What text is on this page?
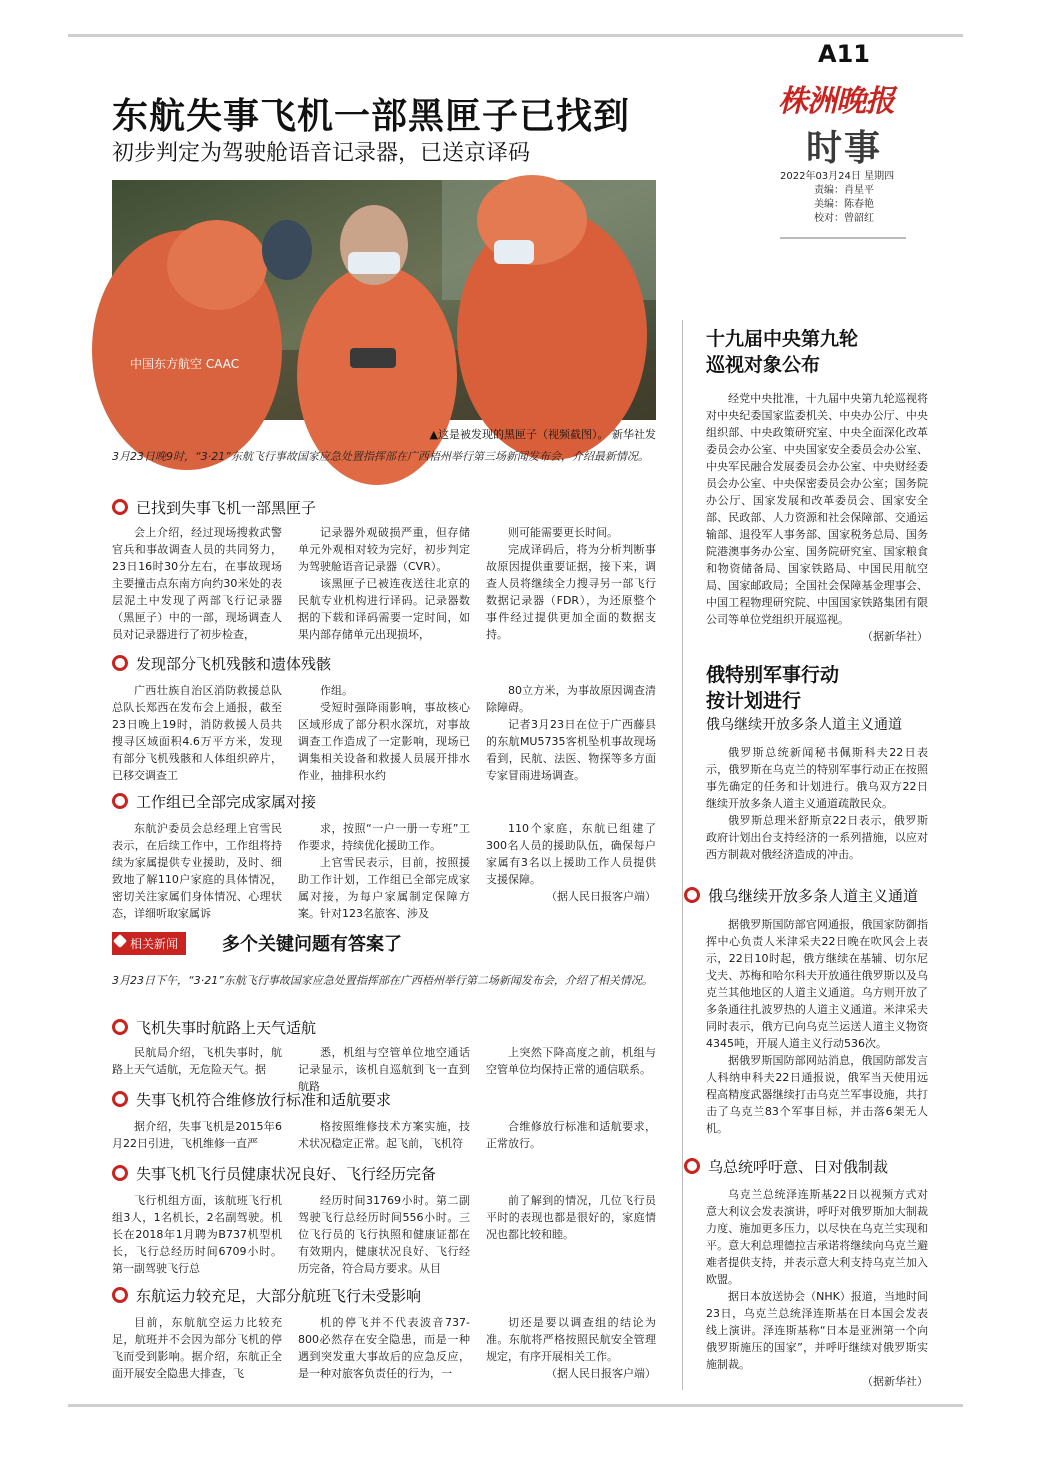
A11
株洲晚报
时事
2022年03月24日 星期四
责编：肖星平
美编：陈春艳
校对：曾韶红
东航失事飞机一部黑匣子已找到
初步判定为驾驶舱语音记录器，已送京译码
中国东方航空 CAAC
▲这是被发现的黑匣子（视频截图）。 新华社发
3月23日晚9时，“3·21”东航飞行事故国家应急处置指挥部在广西梧州举行第三场新闻发布会，介绍最新情况。
已找到失事飞机一部黑匣子

会上介绍，经过现场搜救武警官兵和事故调查人员的共同努力，23日16时30分左右，在事故现场主要撞击点东南方向约30米处的表层泥土中发现了两部飞行记录器（黑匣子）中的一部，现场调查人员对记录器进行了初步检查，

记录器外观破损严重，但存储单元外观相对较为完好，初步判定为驾驶舱语音记录器（CVR）。

该黑匣子已被连夜送往北京的民航专业机构进行译码。记录器数据的下载和译码需要一定时间，如果内部存储单元出现损坏，

则可能需要更长时间。

完成译码后，将为分析判断事故原因提供重要证据，接下来，调查人员将继续全力搜寻另一部飞行数据记录器（FDR），为还原整个事件经过提供更加全面的数据支持。

发现部分飞机残骸和遗体残骸

广西壮族自治区消防救援总队总队长郑西在发布会上通报，截至23日晚上19时，消防救援人员共搜寻区域面积4.6万平方米，发现有部分飞机残骸和人体组织碎片，已移交调查工

作组。

受短时强降雨影响，事故核心区域形成了部分积水深坑，对事故调查工作造成了一定影响，现场已调集相关设备和救援人员展开排水作业，抽排积水约

80立方米，为事故原因调查清除障碍。

记者3月23日在位于广西藤县的东航MU5735客机坠机事故现场看到，民航、法医、物探等多方面专家冒雨进场调查。

工作组已全部完成家属对接

东航沪委员会总经理上官雪民表示，在后续工作中，工作组将持续为家属提供专业援助，及时、细致地了解110户家庭的具体情况，密切关注家属们身体情况、心理状态，详细听取家属诉

求，按照“一户一册一专班”工作要求，持续优化援助工作。

上官雪民表示，目前，按照援助工作计划，工作组已全部完成家属对接，为每户家属制定保障方案。针对123名旅客、涉及

110个家庭，东航已组建了300名人员的援助队伍，确保每户家属有3名以上援助工作人员提供支援保障。

（据人民日报客户端）

相关新闻	多个关键问题有答案了
3月23日下午，“3·21”东航飞行事故国家应急处置指挥部在广西梧州举行第二场新闻发布会，介绍了相关情况。
飞机失事时航路上天气适航

民航局介绍，飞机失事时，航路上天气适航，无危险天气。据

悉，机组与空管单位地空通话记录显示，该机自巡航到飞一直到航路

上突然下降高度之前，机组与空管单位均保持正常的通信联系。

失事飞机符合维修放行标准和适航要求

据介绍，失事飞机是2015年6月22日引进，飞机维修一直严

格按照维修技术方案实施，技术状况稳定正常。起飞前，飞机符

合维修放行标准和适航要求，正常放行。

失事飞机飞行员健康状况良好、飞行经历完备

飞行机组方面，该航班飞行机组3人，1名机长，2名副驾驶。机长在2018年1月聘为B737机型机长，飞行总经历时间6709小时。第一副驾驶飞行总

经历时间31769小时。第二副驾驶飞行总经历时间556小时。三位飞行员的飞行执照和健康证都在有效期内，健康状况良好、飞行经历完备，符合局方要求。从目

前了解到的情况，几位飞行员平时的表现也都是很好的，家庭情况也都比较和睦。

东航运力较充足，大部分航班飞行未受影响

目前，东航航空运力比较充足，航班并不会因为部分飞机的停飞而受到影响。据介绍，东航正全面开展安全隐患大排查，飞

机的停飞并不代表波音737-800必然存在安全隐患，而是一种遇到突发重大事故后的应急反应，是一种对旅客负责任的行为，一

切还是要以调查组的结论为准。东航将严格按照民航安全管理规定，有序开展相关工作。

（据人民日报客户端）

十九届中央第九轮
巡视对象公布

经党中央批准，十九届中央第九轮巡视将对中央纪委国家监委机关、中央办公厅、中央组织部、中央政策研究室、中央全面深化改革委员会办公室、中央国家安全委员会办公室、中央军民融合发展委员会办公室、中央财经委员会办公室、中央保密委员会办公室；国务院办公厅、国家发展和改革委员会、国家安全部、民政部、人力资源和社会保障部、交通运输部、退役军人事务部、国家税务总局、国务院港澳事务办公室、国务院研究室、国家粮食和物资储备局、国家铁路局、中国民用航空局、国家邮政局；全国社会保障基金理事会、中国工程物理研究院、中国国家铁路集团有限公司等单位党组织开展巡视。

（据新华社）

俄特别军事行动
按计划进行
俄乌继续开放多条人道主义通道

俄罗斯总统新闻秘书佩斯科夫22日表示，俄罗斯在乌克兰的特别军事行动正在按照事先确定的任务和计划进行。俄乌双方22日继续开放多条人道主义通道疏散民众。

俄罗斯总理米舒斯京22日表示，俄罗斯政府计划出台支持经济的一系列措施，以应对西方制裁对俄经济造成的冲击。

俄乌继续开放多条人道主义通道

据俄罗斯国防部官网通报，俄国家防御指挥中心负责人米津采夫22日晚在吹风会上表示，22日10时起，俄方继续在基辅、切尔尼戈夫、苏梅和哈尔科夫开放通往俄罗斯以及乌克兰其他地区的人道主义通道。乌方则开放了多条通往扎波罗热的人道主义通道。米津采夫同时表示，俄方已向乌克兰运送人道主义物资4345吨，开展人道主义行动536次。

据俄罗斯国防部网站消息，俄国防部发言人科纳申科夫22日通报说，俄军当天使用远程高精度武器继续打击乌克兰军事设施，共打击了乌克兰83个军事目标，并击落6架无人机。

乌总统呼吁意、日对俄制裁

乌克兰总统泽连斯基22日以视频方式对意大利议会发表演讲，呼吁对俄罗斯加大制裁力度、施加更多压力，以尽快在乌克兰实现和平。意大利总理德拉吉承诺将继续向乌克兰避难者提供支持，并表示意大利支持乌克兰加入欧盟。

据日本放送协会（NHK）报道，当地时间23日，乌克兰总统泽连斯基在日本国会发表线上演讲。泽连斯基称“日本是亚洲第一个向俄罗斯施压的国家”，并呼吁继续对俄罗斯实施制裁。

（据新华社）
